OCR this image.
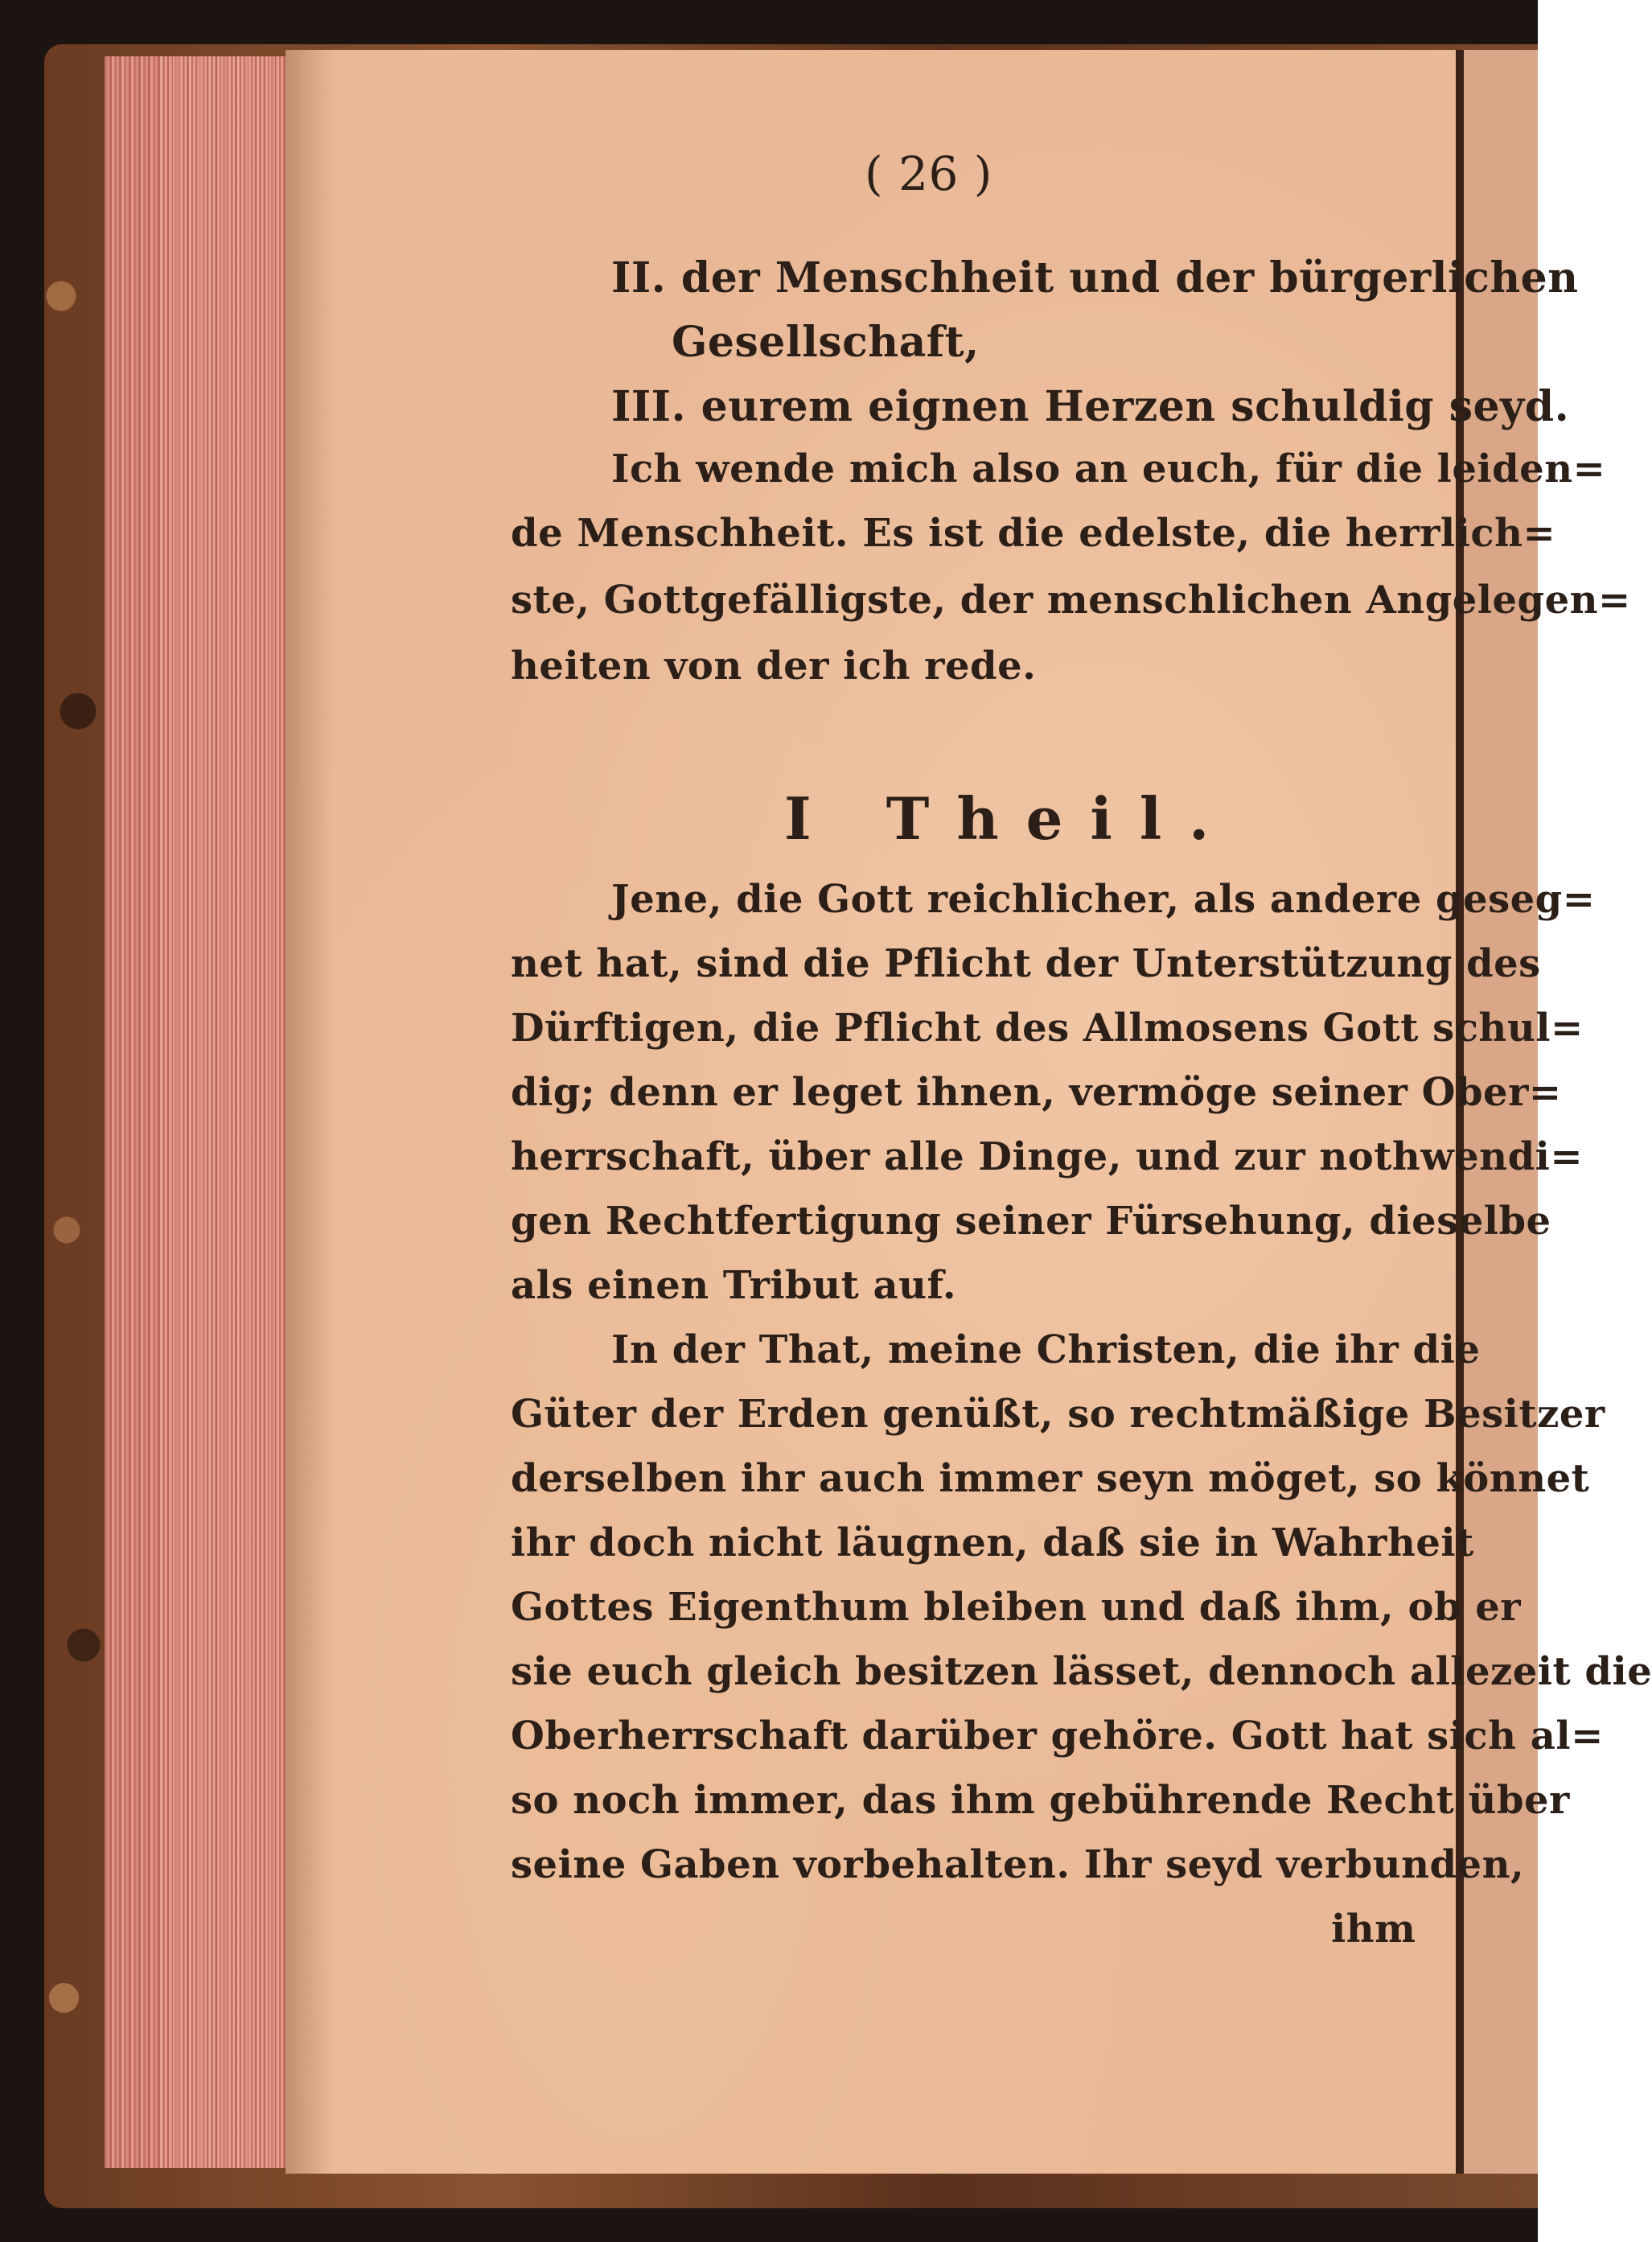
( 26 )
II. der Menschheit und der bürgerlichen
Gesellschaft,
III. eurem eignen Herzen schuldig seyd.
Ich wende mich also an euch, für die leiden=
de Menschheit. Es ist die edelste, die herrlich=
ste, Gottgefälligste, der menschlichen Angelegen=
heiten von der ich rede.
I Theil.
Jene, die Gott reichlicher, als andere geseg=
net hat, sind die Pflicht der Unterstützung des
Dürftigen, die Pflicht des Allmosens Gott schul=
dig; denn er leget ihnen, vermöge seiner Ober=
herrschaft, über alle Dinge, und zur nothwendi=
gen Rechtfertigung seiner Fürsehung, dieselbe
als einen Tribut auf.
In der That, meine Christen, die ihr die
Güter der Erden genüßt, so rechtmäßige Besitzer
derselben ihr auch immer seyn möget, so könnet
ihr doch nicht läugnen, daß sie in Wahrheit
Gottes Eigenthum bleiben und daß ihm, ob er
sie euch gleich besitzen lässet, dennoch allezeit die
Oberherrschaft darüber gehöre. Gott hat sich al=
so noch immer, das ihm gebührende Recht über
seine Gaben vorbehalten. Ihr seyd verbunden,
ihm
